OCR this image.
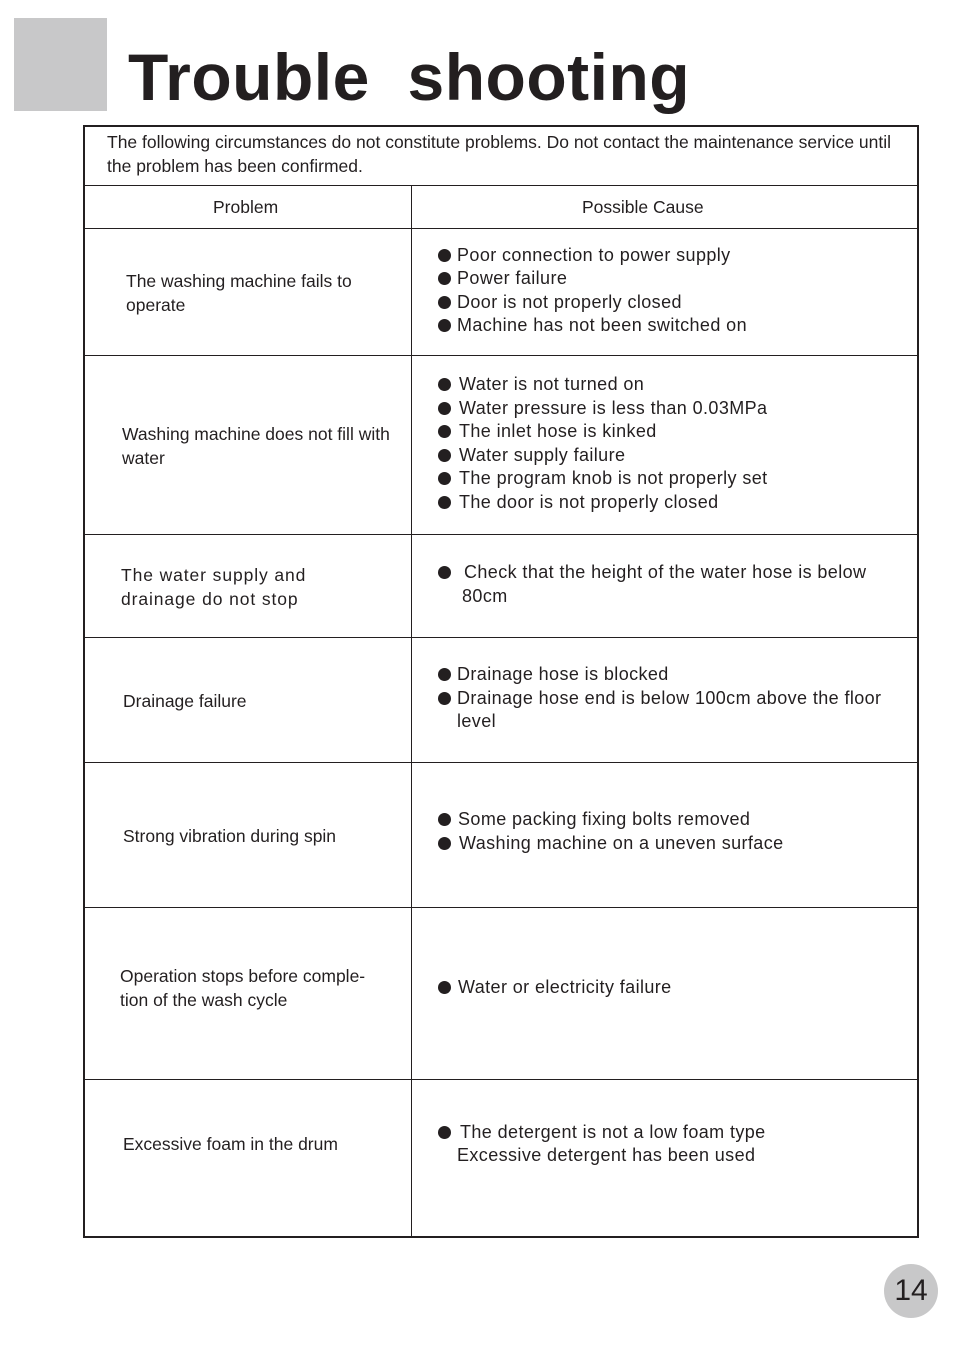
Trouble  shooting
The following circumstances do not constitute problems. Do not contact the maintenance service until the problem has been confirmed.
Problem	Possible Cause
The washing machine fails to operate
Poor connection to power supply
Power failure
Door is not properly closed
Machine has not been switched on
Washing machine does not fill with water
Water is not turned on
Water pressure is less than 0.03MPa
The inlet hose is kinked
Water supply failure
The program knob is not properly set
The door is not properly closed
The water supply and drainage do not stop
Check that the height of the water hose is below 80cm
Drainage failure
Drainage hose is blocked
Drainage hose end is below 100cm above the floor level
Strong vibration during spin
Some packing fixing bolts removed
Washing machine on a uneven surface
Operation stops before comple-tion of the wash cycle
Water or electricity failure
Excessive foam in the drum
The detergent is not a low foam type
Excessive detergent has been used
14
